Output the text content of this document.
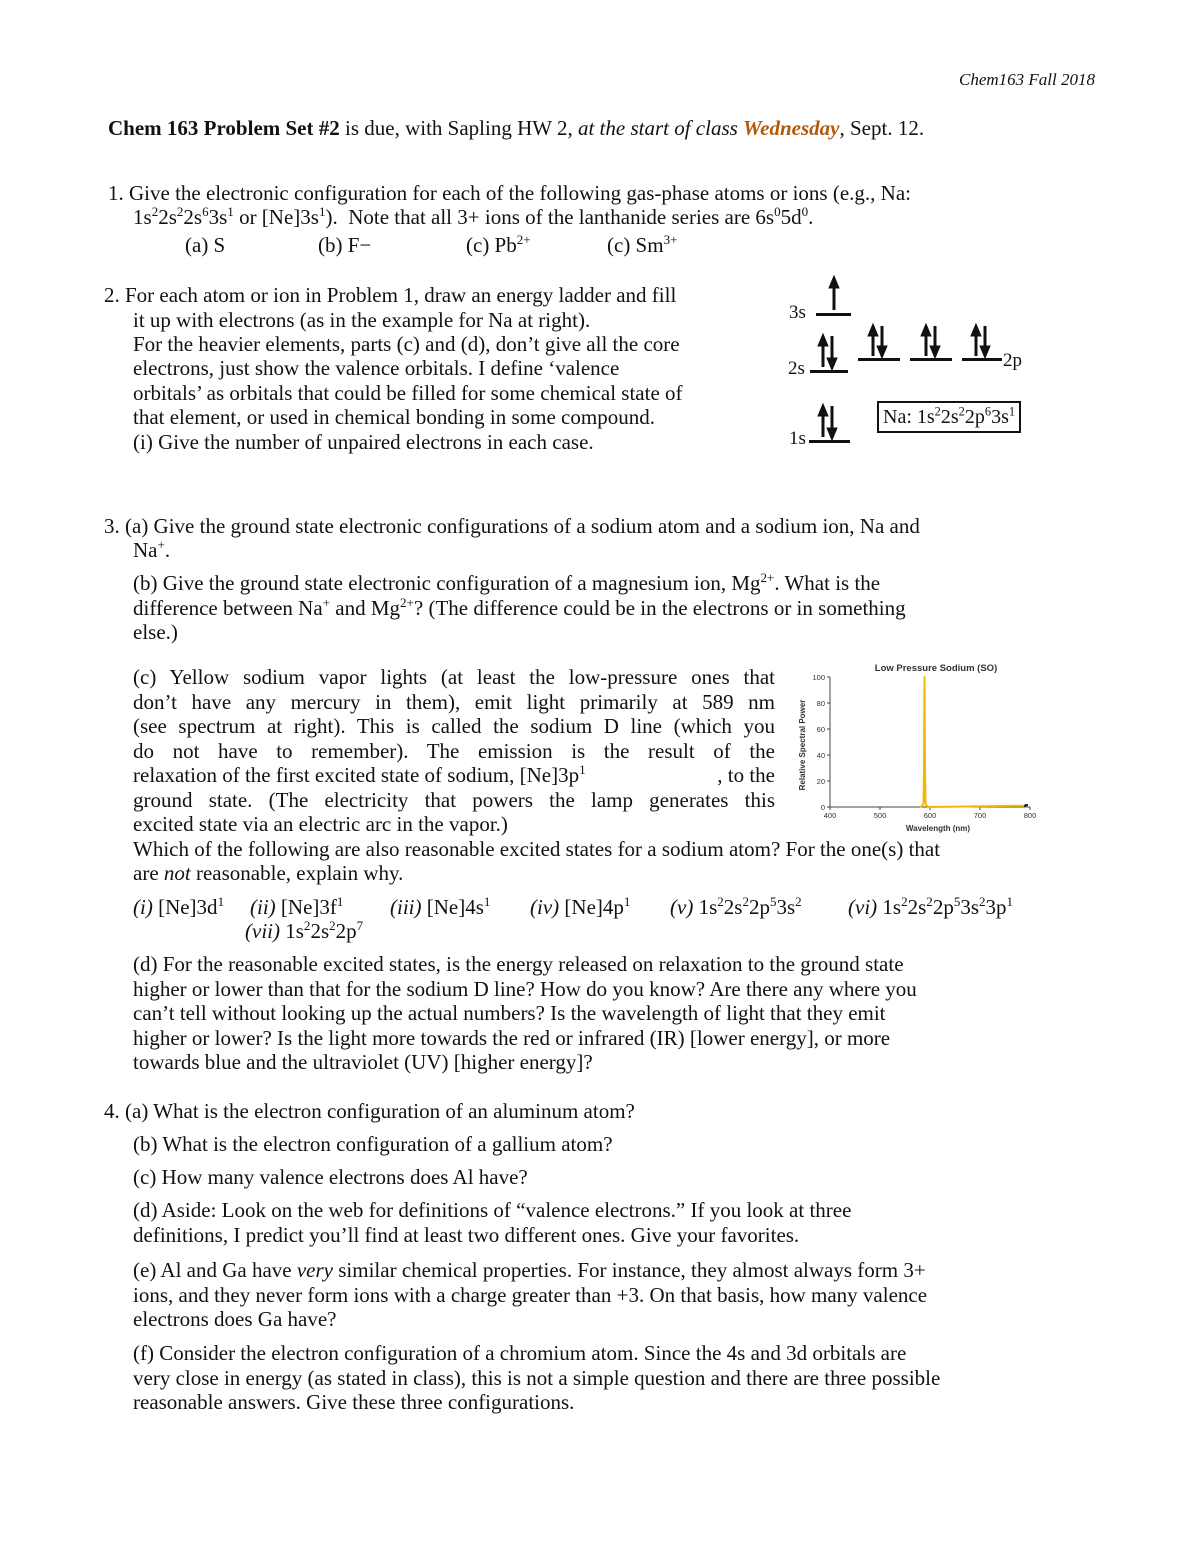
Chem163 Fall 2018
Chem 163 Problem Set #2 is due, with Sapling HW 2, at the start of class Wednesday, Sept. 12.
1. Give the electronic configuration for each of the following gas-phase atoms or ions (e.g., Na:
$1s^22s^22s^63s^1$ or $[Ne]3s^1$).  Note that all 3+ ions of the lanthanide series are $6s^05d^0$.
(a) S	(b) F−	(c) $Pb^{2+}$	(c) $Sm^{3+}$
2. For each atom or ion in Problem 1, draw an energy ladder and fill
it up with electrons (as in the example for Na at right).
For the heavier elements, parts (c) and (d), don’t give all the core
electrons, just show the valence orbitals. I define ‘valence
orbitals’ as orbitals that could be filled for some chemical state of
that element, or used in chemical bonding in some compound.
(i) Give the number of unpaired electrons in each case.
3s
2s	2p
1s
Na: $1s^22s^22p^63s^1$
3. (a) Give the ground state electronic configurations of a sodium atom and a sodium ion, Na and
Na+.
(b) Give the ground state electronic configuration of a magnesium ion, $Mg^{2+}$. What is the
difference between Na+ and $Mg^{2+}$? (The difference could be in the electrons or in something
else.)
(c) Yellow sodium vapor lights (at least the low-pressure ones that
don’t have any mercury in them), emit light primarily at 589 nm
(see spectrum at right). This is called the sodium D line (which you
do not have to remember). The emission is the result of the
relaxation of the first excited state of sodium, $[Ne]3p^1$	, to the
ground state. (The electricity that powers the lamp generates this
excited state via an electric arc in the vapor.)
Low Pressure Sodium (SO)
Relative Spectral Power
Wavelength (nm)
0
20
40
60
80
100
400	500	600	700	800
Which of the following are also reasonable excited states for a sodium atom? For the one(s) that
are not reasonable, explain why.
(i) $[Ne]3d^1$ (ii) $[Ne]3f^1$ (iii) $[Ne]4s^1$ (iv) $[Ne]4p^1$ (v) $1s^22s^22p^53s^2$ (vi) $1s^22s^22p^53s^23p^1$
(vii) $1s^22s^22p^7$
(d) For the reasonable excited states, is the energy released on relaxation to the ground state
higher or lower than that for the sodium D line? How do you know? Are there any where you
can’t tell without looking up the actual numbers? Is the wavelength of light that they emit
higher or lower? Is the light more towards the red or infrared (IR) [lower energy], or more
towards blue and the ultraviolet (UV) [higher energy]?
4. (a) What is the electron configuration of an aluminum atom?
(b) What is the electron configuration of a gallium atom?
(c) How many valence electrons does Al have?
(d) Aside: Look on the web for definitions of “valence electrons.” If you look at three
definitions, I predict you’ll find at least two different ones. Give your favorites.
(e) Al and Ga have very similar chemical properties. For instance, they almost always form 3+
ions, and they never form ions with a charge greater than +3. On that basis, how many valence
electrons does Ga have?
(f) Consider the electron configuration of a chromium atom. Since the 4s and 3d orbitals are
very close in energy (as stated in class), this is not a simple question and there are three possible
reasonable answers. Give these three configurations.
